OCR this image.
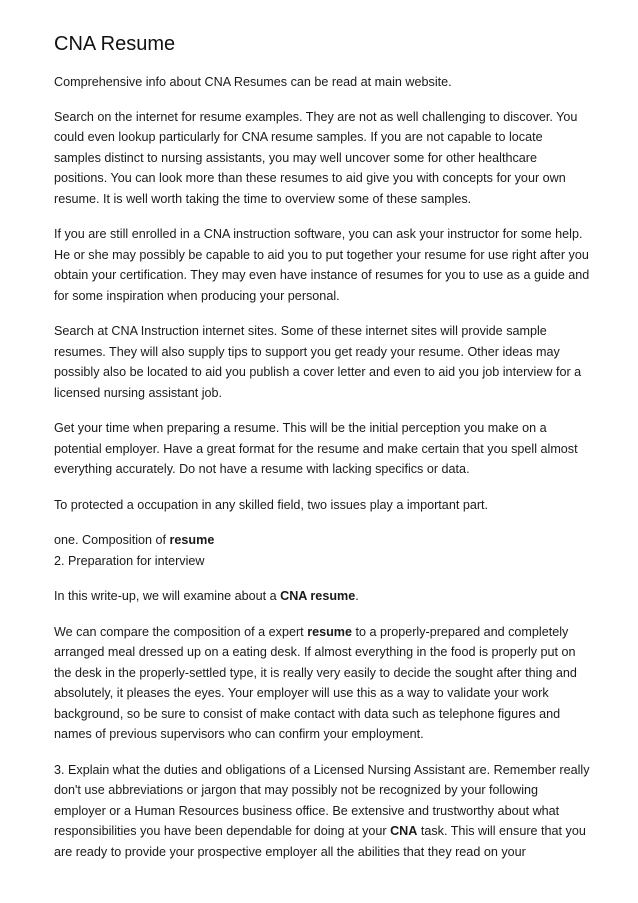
CNA Resume

Comprehensive info about CNA Resumes can be read at main website.

Search on the internet for resume examples. They are not as well challenging to discover. You could even lookup particularly for CNA resume samples. If you are not capable to locate samples distinct to nursing assistants, you may well uncover some for other healthcare positions. You can look more than these resumes to aid give you with concepts for your own resume. It is well worth taking the time to overview some of these samples.

If you are still enrolled in a CNA instruction software, you can ask your instructor for some help. He or she may possibly be capable to aid you to put together your resume for use right after you obtain your certification. They may even have instance of resumes for you to use as a guide and for some inspiration when producing your personal.

Search at CNA Instruction internet sites. Some of these internet sites will provide sample resumes. They will also supply tips to support you get ready your resume. Other ideas may possibly also be located to aid you publish a cover letter and even to aid you job interview for a licensed nursing assistant job.

Get your time when preparing a resume. This will be the initial perception you make on a potential employer. Have a great format for the resume and make certain that you spell almost everything accurately. Do not have a resume with lacking specifics or data.

To protected a occupation in any skilled field, two issues play a important part.

one. Composition of resume

2. Preparation for interview

In this write-up, we will examine about a CNA resume.

We can compare the composition of a expert resume to a properly-prepared and completely arranged meal dressed up on a eating desk. If almost everything in the food is properly put on the desk in the properly-settled type, it is really very easily to decide the sought after thing and absolutely, it pleases the eyes. Your employer will use this as a way to validate your work background, so be sure to consist of make contact with data such as telephone figures and names of previous supervisors who can confirm your employment.

3. Explain what the duties and obligations of a Licensed Nursing Assistant are. Remember really don't use abbreviations or jargon that may possibly not be recognized by your following employer or a Human Resources business office. Be extensive and trustworthy about what responsibilities you have been dependable for doing at your CNA task. This will ensure that you are ready to provide your prospective employer all the abilities that they read on your
